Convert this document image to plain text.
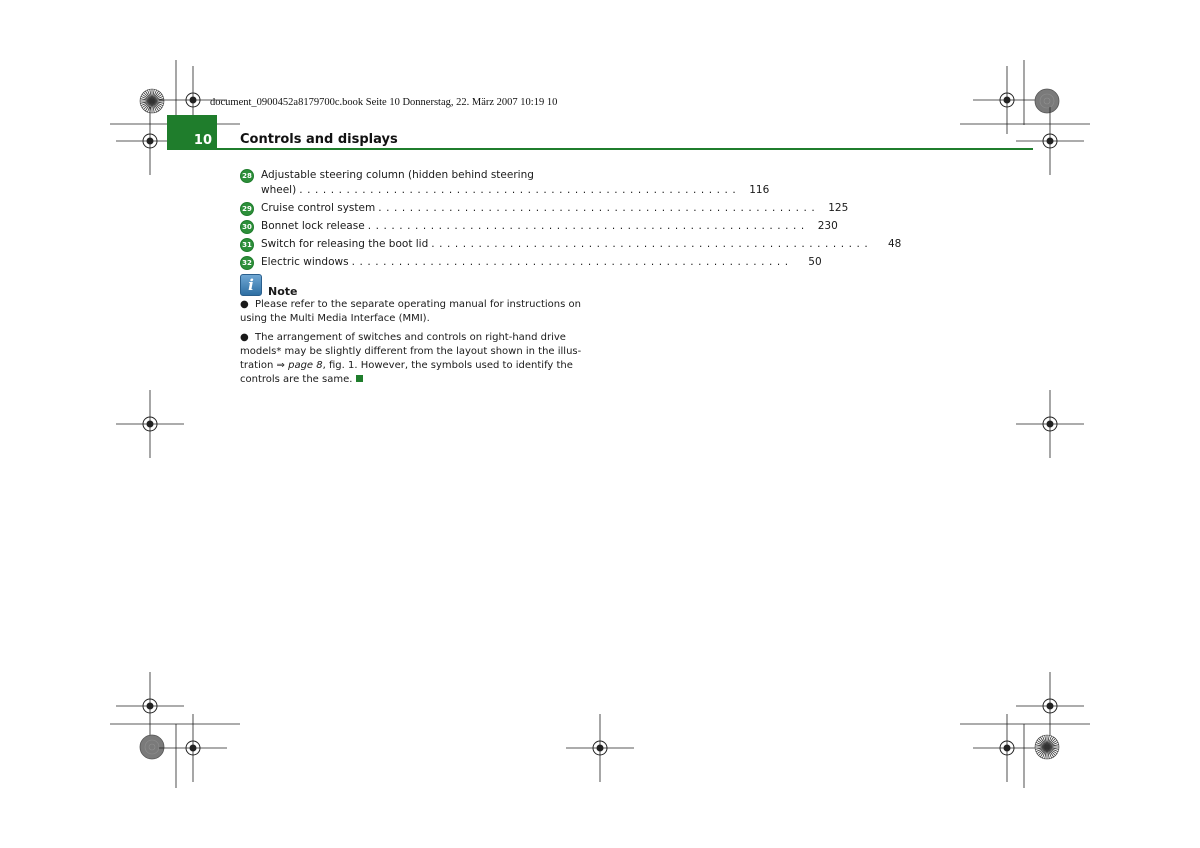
document_0900452a8179700c.book Seite 10 Donnerstag, 22. März 2007 10:19 10
10	Controls and displays
28 Adjustable steering column (hidden behind steering
wheel) . . . . . . . . . . . . . . . . . . . . . . . . . . . . . . . . . . . . . . . . . . . . . . . . . . . . . . . .	116
29 Cruise control system . . . . . . . . . . . . . . . . . . . . . . . . . . . . . . . . . . . . . . . . . . . . . . . . . . . . . . . .	125
30 Bonnet lock release . . . . . . . . . . . . . . . . . . . . . . . . . . . . . . . . . . . . . . . . . . . . . . . . . . . . . . . .	230
31 Switch for releasing the boot lid . . . . . . . . . . . . . . . . . . . . . . . . . . . . . . . . . . . . . . . . . . . . . . . . . . . . . . . .	48
32 Electric windows . . . . . . . . . . . . . . . . . . . . . . . . . . . . . . . . . . . . . . . . . . . . . . . . . . . . . . . .	50
i	Note

● Please refer to the separate operating manual for instructions on using the Multi Media Interface (MMI).

● The arrangement of switches and controls on right-hand drive models* may be slightly different from the layout shown in the illus-tration ⇒ page 8, fig. 1. However, the symbols used to identify the controls are the same.
